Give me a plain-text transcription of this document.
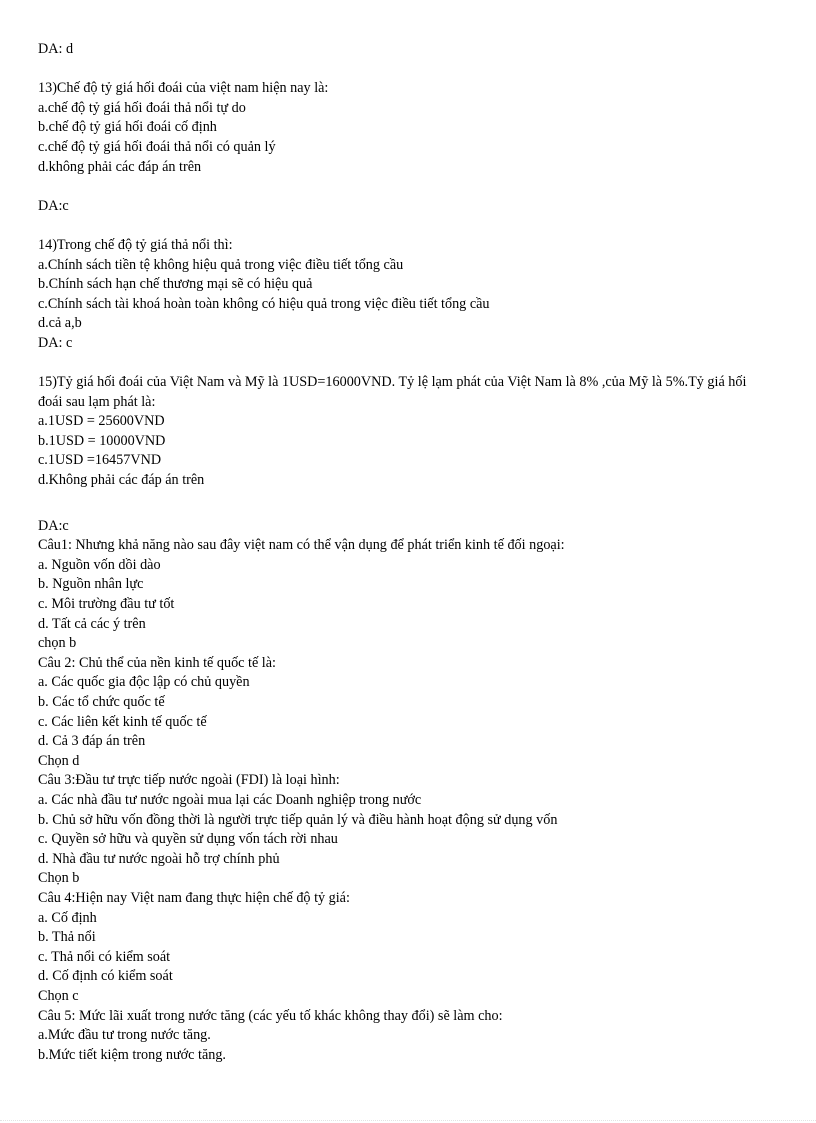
DA: d
13)Chế độ tỷ giá hối đoái của việt nam hiện nay là:
a.chế độ tỷ giá hối đoái thả nổi tự do
b.chế độ tỷ giá hối đoái cố định
c.chế độ tỷ giá hối đoái thả nổi có quản lý
d.không phải các đáp án trên
DA:c
14)Trong chế độ tỷ giá thả nổi thì:
a.Chính sách tiền tệ không hiệu quả trong việc điều tiết tổng cầu
b.Chính sách hạn chế thương mại sẽ có hiệu quả
c.Chính sách tài khoá hoàn toàn không có hiệu quả trong việc điều tiết tổng cầu
d.cả a,b
DA: c
15)Tỷ giá hối đoái của Việt Nam và Mỹ là 1USD=16000VND. Tỷ lệ lạm phát của Việt Nam là 8% ,của Mỹ là 5%.Tỷ giá hối đoái sau lạm phát là:
a.1USD = 25600VND
b.1USD = 10000VND
c.1USD =16457VND
d.Không phải các đáp án trên
DA:c
Câu1: Nhưng khả năng nào sau đây việt nam có thể vận dụng để phát triển kinh tế đối ngoại:
a. Nguồn vốn dồi dào
b. Nguồn nhân lực
c. Môi trường đầu tư tốt
d. Tất cả các ý trên
chọn b
Câu 2: Chủ thể của nền kinh tế quốc tế là:
a. Các quốc gia độc lập có chủ quyền
b. Các tổ chức quốc tế
c. Các liên kết kinh tế quốc tế
d. Cả 3 đáp án trên
Chọn d
Câu 3:Đầu tư trực tiếp nước ngoài (FDI) là loại hình:
a. Các nhà đầu tư nước ngoài mua lại các Doanh nghiệp trong nước
b. Chủ sở hữu vốn đồng thời là người trực tiếp quản lý và điều hành hoạt động sử dụng vốn
c. Quyền sở hữu và quyền sử dụng vốn tách rời nhau
d. Nhà đầu tư nước ngoài hỗ trợ chính phủ
Chọn b
Câu 4:Hiện nay Việt nam đang thực hiện chế độ tỷ giá:
a. Cố định
b. Thả nổi
c. Thả nổi có kiểm soát
d. Cố định có kiểm soát
Chọn c
Câu 5: Mức lãi xuất trong nước tăng (các yếu tố khác không thay đổi) sẽ làm cho:
a.Mức đầu tư trong nước tăng.
b.Mức tiết kiệm trong nước tăng.
